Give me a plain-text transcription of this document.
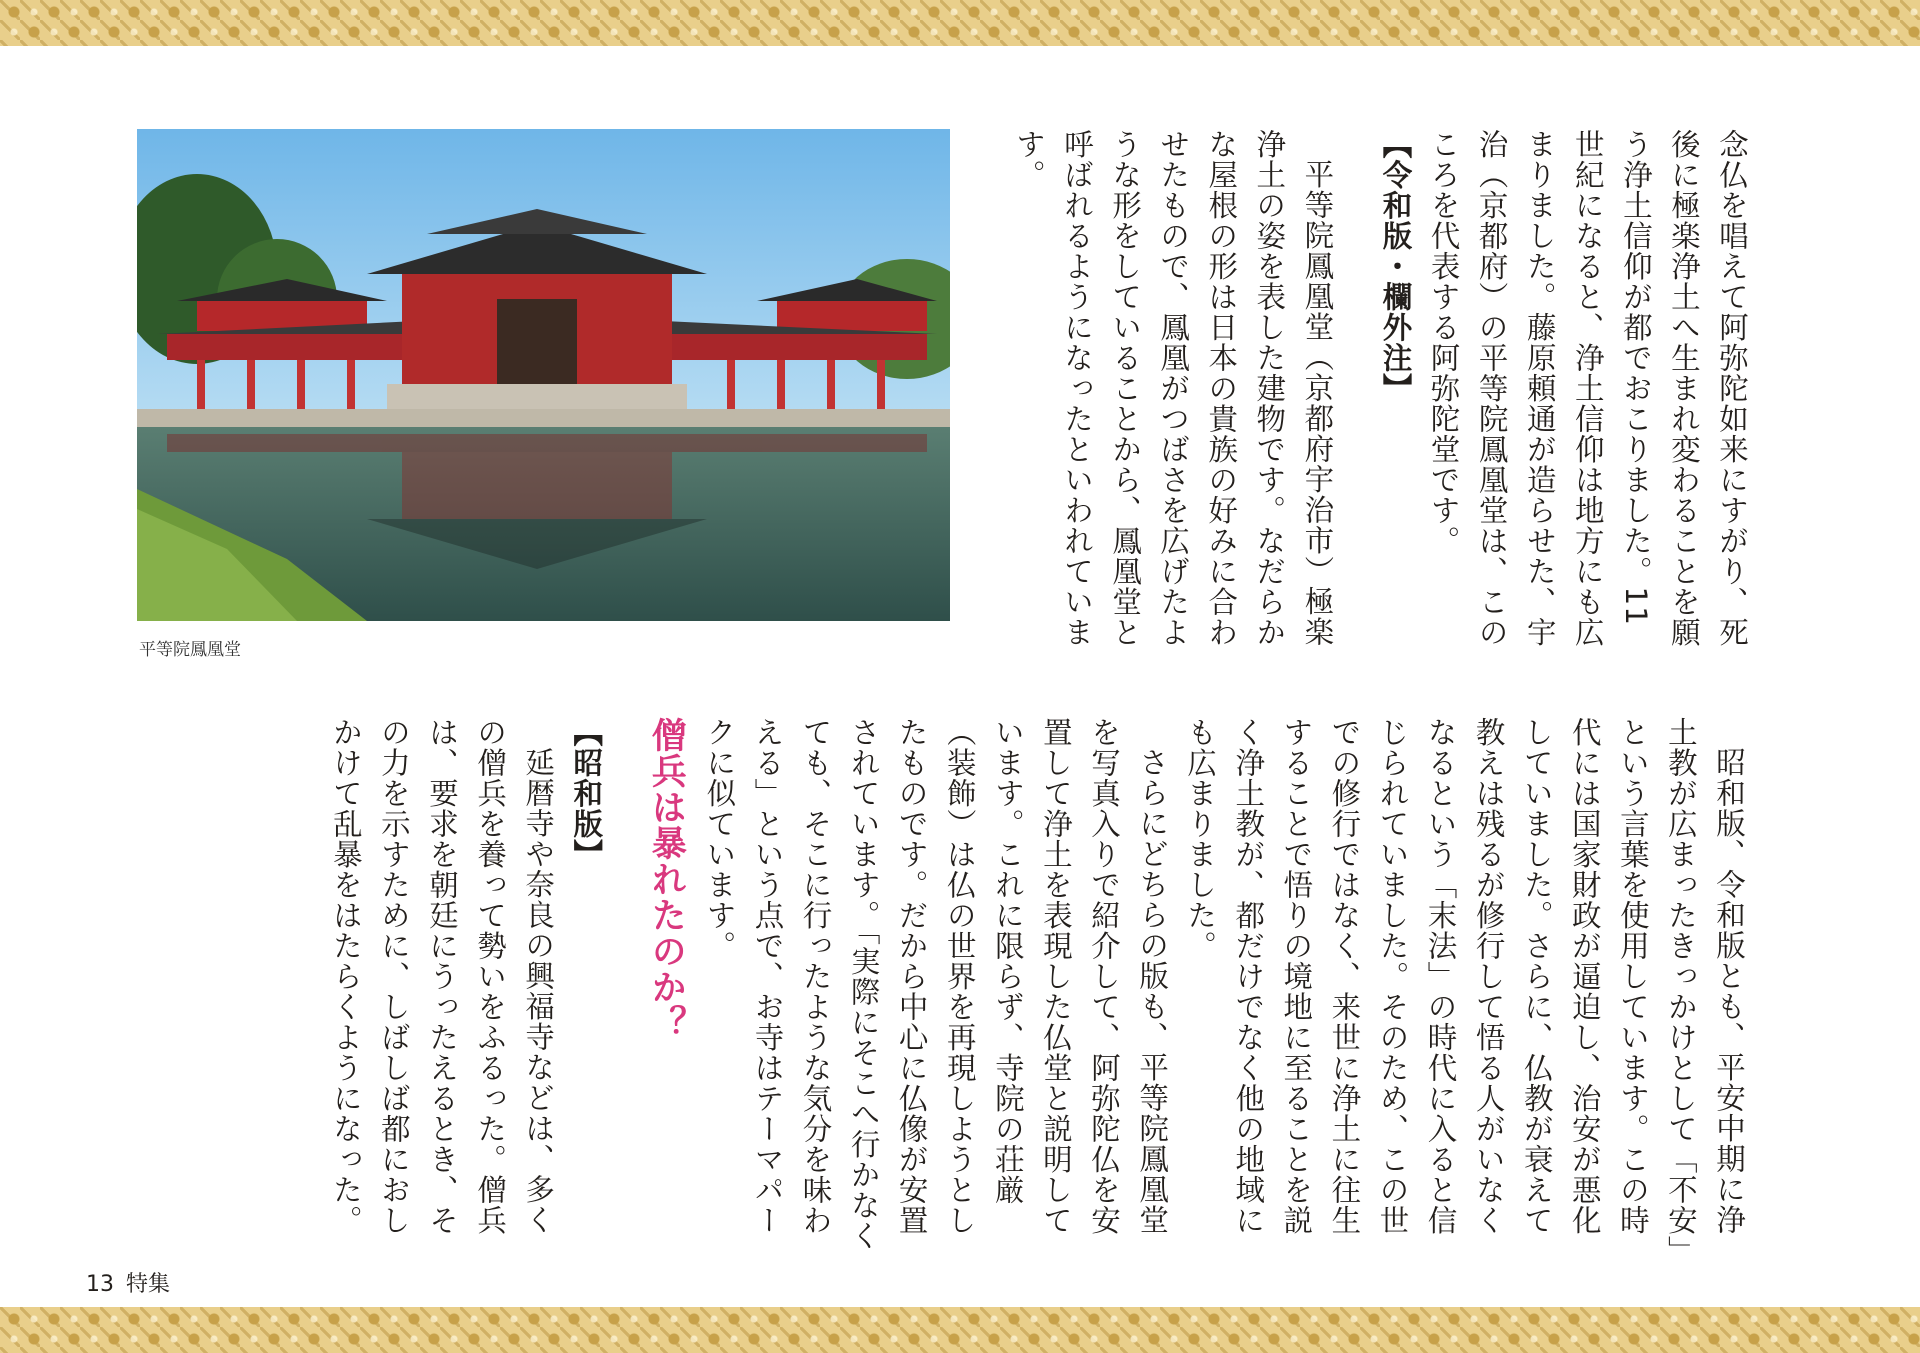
平等院鳳凰堂

念仏を唱えて阿弥陀如来にすがり、死後に極楽浄土へ生まれ変わることを願う浄土信仰が都でおこりました。11世紀になると、浄土信仰は地方にも広まりました。藤原頼通が造らせた、宇治（京都府）の平等院鳳凰堂は、このころを代表する阿弥陀堂です。

【令和版・欄外注】

平等院鳳凰堂（京都府宇治市）極楽浄土の姿を表した建物です。なだらかな屋根の形は日本の貴族の好みに合わせたもので、鳳凰がつばさを広げたような形をしていることから、鳳凰堂と呼ばれるようになったといわれています。

昭和版、令和版とも、平安中期に浄土教が広まったきっかけとして「不安」という言葉を使用しています。この時代には国家財政が逼迫し、治安が悪化していました。さらに、仏教が衰えて教えは残るが修行して悟る人がいなくなるという「末法」の時代に入ると信じられていました。そのため、この世での修行ではなく、来世に浄土に往生することで悟りの境地に至ることを説く浄土教が、都だけでなく他の地域にも広まりました。

さらにどちらの版も、平等院鳳凰堂を写真入りで紹介して、阿弥陀仏を安置して浄土を表現した仏堂と説明しています。これに限らず、寺院の荘厳（装飾）は仏の世界を再現しようとしたものです。だから中心に仏像が安置されています。「実際にそこへ行かなくても、そこに行ったような気分を味わえる」という点で、お寺はテーマパークに似ています。

僧兵は暴れたのか？

【昭和版】

延暦寺や奈良の興福寺などは、多くの僧兵を養って勢いをふるった。僧兵は、要求を朝廷にうったえるとき、その力を示すために、しばしば都におしかけて乱暴をはたらくようになった。

13 特集
